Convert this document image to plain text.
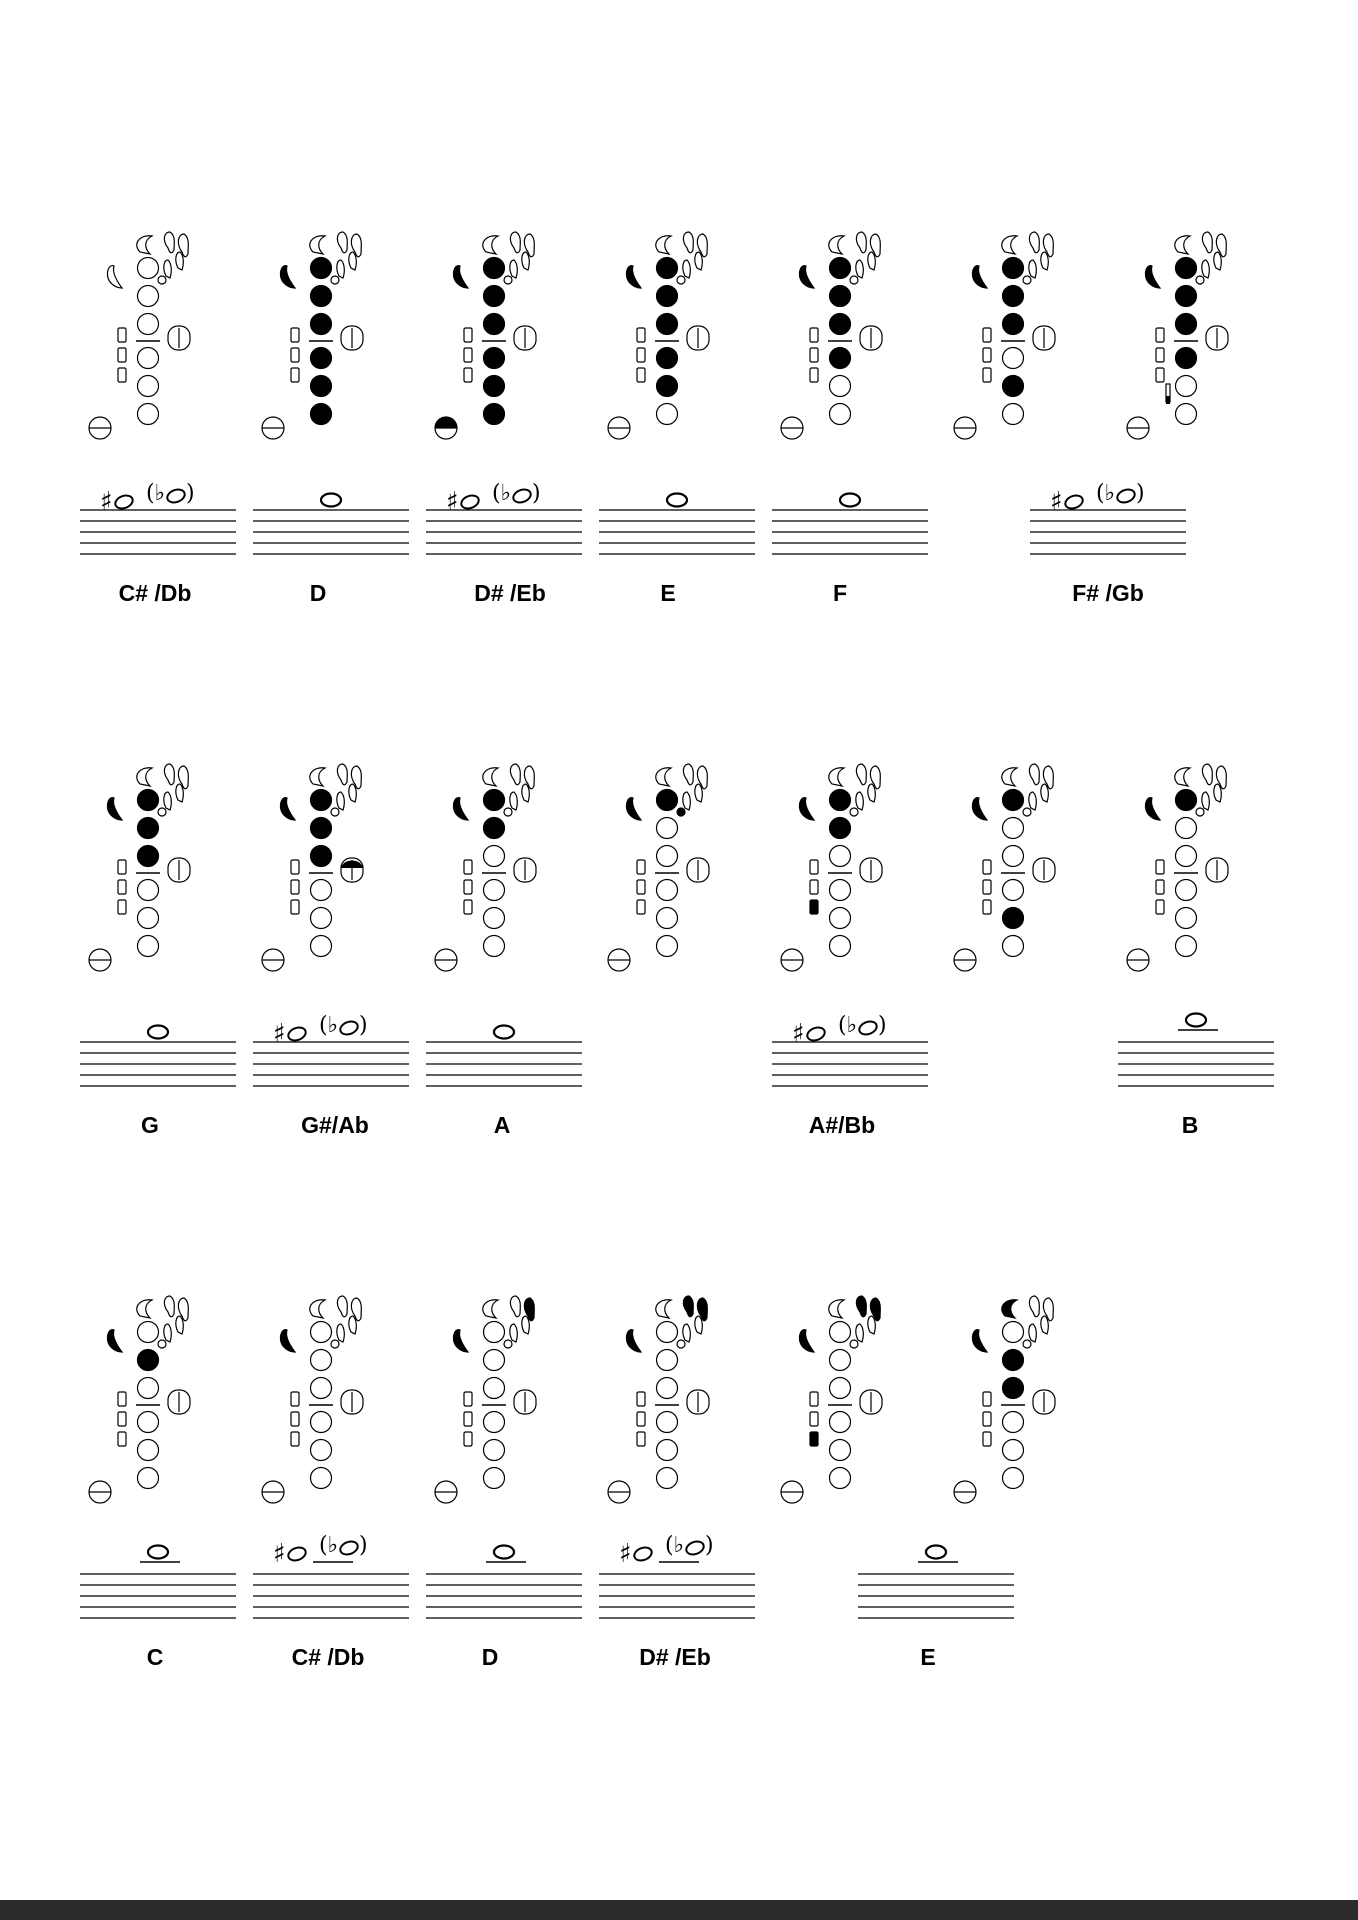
♯ (♭ )
C# /Db	D
♯ (♭ )
D# /Eb	E	F
♯ (♭ )
F# /Gb
G
♯ (♭ )
G#/Ab	A
♯ (♭ )
A#/Bb	B
C
♯ (♭ )
C# /Db	D
♯ (♭ )
D# /Eb	E
